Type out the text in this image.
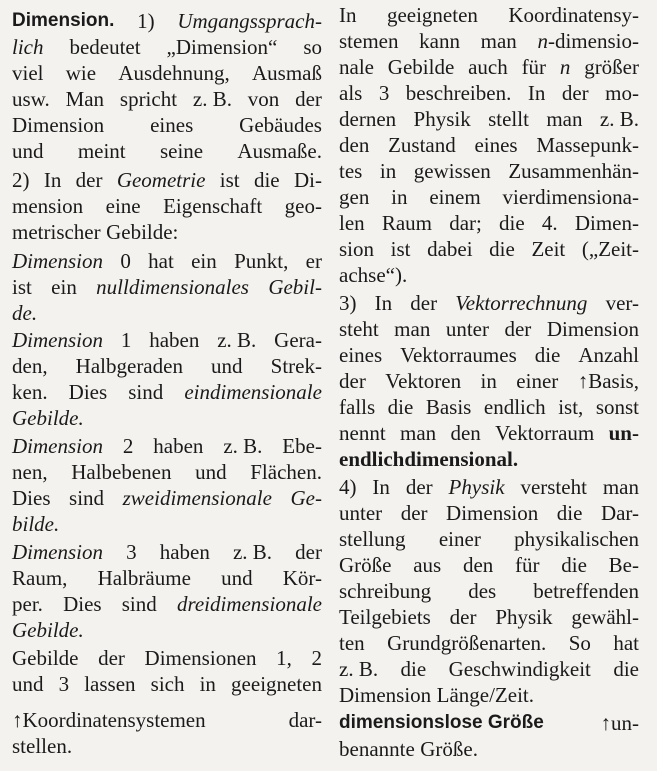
Dimension. 1) Umgangssprach-
lich bedeutet „Dimension“ so
viel wie Ausdehnung, Ausmaß
usw. Man spricht z. B. von der
Dimension eines Gebäudes
und meint seine Ausmaße.
2) In der Geometrie ist die Di-
mension eine Eigenschaft geo-
metrischer Gebilde:
Dimension 0 hat ein Punkt, er
ist ein nulldimensionales Gebil-
de.
Dimension 1 haben z. B. Gera-
den, Halbgeraden und Strek-
ken. Dies sind eindimensionale
Gebilde.
Dimension 2 haben z. B. Ebe-
nen, Halbebenen und Flächen.
Dies sind zweidimensionale Ge-
bilde.
Dimension 3 haben z. B. der
Raum, Halbräume und Kör-
per. Dies sind dreidimensionale
Gebilde.
Gebilde der Dimensionen 1, 2
und 3 lassen sich in geeigneten
↑Koordinatensystemen	dar-
stellen.
In geeigneten Koordinatensy-
stemen kann man n-dimensio-
nale Gebilde auch für n größer
als 3 beschreiben. In der mo-
dernen Physik stellt man z. B.
den Zustand eines Massepunk-
tes in gewissen Zusammenhän-
gen in einem vierdimensiona-
len Raum dar; die 4. Dimen-
sion ist dabei die Zeit („Zeit-
achse“).
3) In der Vektorrechnung ver-
steht man unter der Dimension
eines Vektorraumes die Anzahl
der Vektoren in einer ↑Basis,
falls die Basis endlich ist, sonst
nennt man den Vektorraum un-
endlichdimensional.
4) In der Physik versteht man
unter der Dimension die Dar-
stellung einer physikalischen
Größe aus den für die Be-
schreibung des betreffenden
Teilgebiets der Physik gewähl-
ten Grundgrößenarten. So hat
z. B. die Geschwindigkeit die
Dimension Länge/Zeit.
dimensionslose Größe	↑un-
benannte Größe.
